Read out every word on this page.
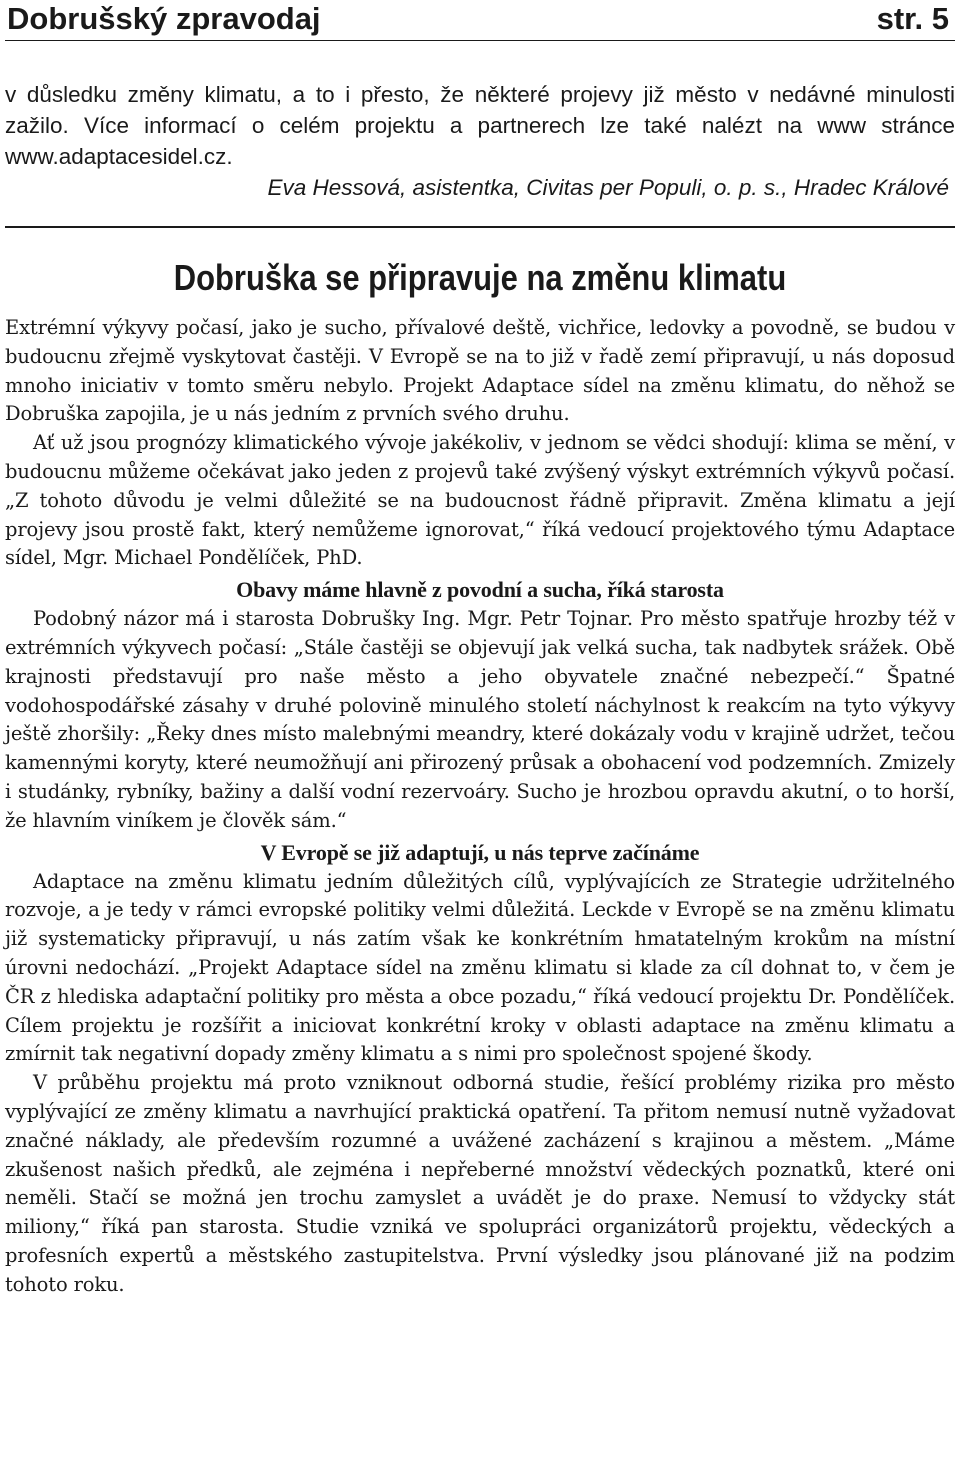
Dobrušský zpravodaj	str. 5

v důsledku změny klimatu, a to i přesto, že některé projevy již město v nedávné minulosti zažilo. Více informací o celém projektu a partnerech lze také nalézt na www stránce www.adaptacesidel.cz.

Eva Hessová, asistentka, Civitas per Populi, o. p. s., Hradec Králové
Dobruška se připravuje na změnu klimatu

Extrémní výkyvy počasí, jako je sucho, přívalové deště, vichřice, ledovky a povodně, se budou v budoucnu zřejmě vyskytovat častěji. V Evropě se na to již v řadě zemí připravují, u nás doposud mnoho iniciativ v tomto směru nebylo. Projekt Adaptace sídel na změnu klimatu, do něhož se Dobruška zapojila, je u nás jedním z prvních svého druhu.

Ať už jsou prognózy klimatického vývoje jakékoliv, v jednom se vědci shodují: klima se mění, v budoucnu můžeme očekávat jako jeden z projevů také zvýšený výskyt extrémních výkyvů počasí. „Z tohoto důvodu je velmi důležité se na budoucnost řádně připravit. Změna klimatu a její projevy jsou prostě fakt, který nemůžeme ignorovat,“ říká vedoucí projektového týmu Adaptace sídel, Mgr. Michael Pondělíček, PhD.

Obavy máme hlavně z povodní a sucha, říká starosta

Podobný názor má i starosta Dobrušky Ing. Mgr. Petr Tojnar. Pro město spatřuje hrozby též v extrémních výkyvech počasí: „Stále častěji se objevují jak velká sucha, tak nadbytek srážek. Obě krajnosti představují pro naše město a jeho obyvatele značné nebezpečí.“ Špatné vodohospodářské zásahy v druhé polovině minulého století náchylnost k reakcím na tyto výkyvy ještě zhoršily: „Řeky dnes místo malebnými meandry, které dokázaly vodu v krajině udržet, tečou kamennými koryty, které neumožňují ani přirozený průsak a obohacení vod podzemních. Zmizely i studánky, rybníky, bažiny a další vodní rezervoáry. Sucho je hrozbou opravdu akutní, o to horší, že hlavním viníkem je člověk sám.“

V Evropě se již adaptují, u nás teprve začínáme

Adaptace na změnu klimatu jedním důležitých cílů, vyplývajících ze Strategie udržitelného rozvoje, a je tedy v rámci evropské politiky velmi důležitá. Leckde v Evropě se na změnu klimatu již systematicky připravují, u nás zatím však ke konkrétním hmatatelným krokům na místní úrovni nedochází. „Projekt Adaptace sídel na změnu klimatu si klade za cíl dohnat to, v čem je ČR z hlediska adaptační politiky pro města a obce pozadu,“ říká vedoucí projektu Dr. Pondělíček. Cílem projektu je rozšířit a iniciovat konkrétní kroky v oblasti adaptace na změnu klimatu a zmírnit tak negativní dopady změny klimatu a s nimi pro společnost spojené škody.

V průběhu projektu má proto vzniknout odborná studie, řešící problémy rizika pro město vyplývající ze změny klimatu a navrhující praktická opatření. Ta přitom nemusí nutně vyžadovat značné náklady, ale především rozumné a uvážené zacházení s krajinou a městem. „Máme zkušenost našich předků, ale zejména i nepřeberné množství vědeckých poznatků, které oni neměli. Stačí se možná jen trochu zamyslet a uvádět je do praxe. Nemusí to vždycky stát miliony,“ říká pan starosta. Studie vzniká ve spolupráci organizátorů projektu, vědeckých a profesních expertů a městského zastupitelstva. První výsledky jsou plánované již na podzim tohoto roku.
